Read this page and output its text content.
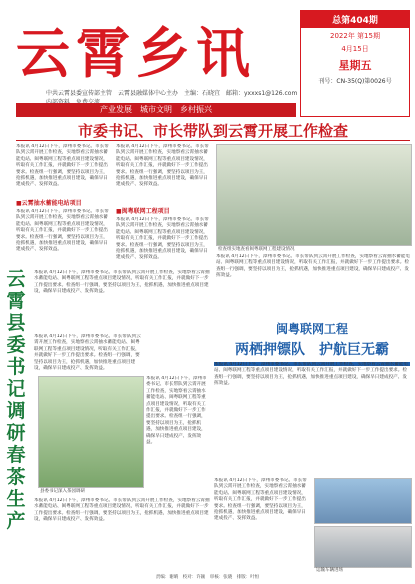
云霄乡讯
中共云霄县委宣传部主管　云霄县融媒体中心主办　主编：石晓宜　邮箱：yxxxs1@126.com
总第404期
2022年 第15期
4月15日
星期五
刊号：CN-35(Q)第0026号
产业发展　城市文明　乡村振兴
市委书记、市长带队到云霄开展工作检查
本报讯 4月12日下午，漳州市委书记、市长带队到云霄开展工作检查，实地察看云霄抽水蓄能电站、闽粤联网工程等重点项目建设情况，听取有关工作汇报，并就做好下一步工作提出要求。检查组一行强调，要坚持以项目为王，抢抓机遇，加快推进重点项目建设，确保早日建成投产、发挥效益。
■云霄抽水蓄能电站项目
本报讯 4月12日下午，漳州市委书记、市长带队到云霄开展工作检查，实地察看云霄抽水蓄能电站、闽粤联网工程等重点项目建设情况，听取有关工作汇报，并就做好下一步工作提出要求。检查组一行强调，要坚持以项目为王，抢抓机遇，加快推进重点项目建设，确保早日建成投产、发挥效益。
本报讯 4月12日下午，漳州市委书记、市长带队到云霄开展工作检查，实地察看云霄抽水蓄能电站、闽粤联网工程等重点项目建设情况，听取有关工作汇报，并就做好下一步工作提出要求。检查组一行强调，要坚持以项目为王，抢抓机遇，加快推进重点项目建设，确保早日建成投产、发挥效益。
■闽粤联网工程项目
本报讯 4月12日下午，漳州市委书记、市长带队到云霄开展工作检查，实地察看云霄抽水蓄能电站、闽粤联网工程等重点项目建设情况，听取有关工作汇报，并就做好下一步工作提出要求。检查组一行强调，要坚持以项目为王，抢抓机遇，加快推进重点项目建设，确保早日建成投产、发挥效益。
检查组实地查看闽粤联网工程建设情况
本报讯 4月12日下午，漳州市委书记、市长带队到云霄开展工作检查，实地察看云霄抽水蓄能电站、闽粤联网工程等重点项目建设情况，听取有关工作汇报，并就做好下一步工作提出要求。检查组一行强调，要坚持以项目为王，抢抓机遇，加快推进重点项目建设，确保早日建成投产、发挥效益。
云霄县委书记调研春茶生产
本报讯 4月12日下午，漳州市委书记、市长带队到云霄开展工作检查，实地察看云霄抽水蓄能电站、闽粤联网工程等重点项目建设情况，听取有关工作汇报，并就做好下一步工作提出要求。检查组一行强调，要坚持以项目为王，抢抓机遇，加快推进重点项目建设，确保早日建成投产、发挥效益。
本报讯 4月12日下午，漳州市委书记、市长带队到云霄开展工作检查，实地察看云霄抽水蓄能电站、闽粤联网工程等重点项目建设情况，听取有关工作汇报，并就做好下一步工作提出要求。检查组一行强调，要坚持以项目为王，抢抓机遇，加快推进重点项目建设，确保早日建成投产、发挥效益。
县委书记深入茶园调研
本报讯 4月12日下午，漳州市委书记、市长带队到云霄开展工作检查，实地察看云霄抽水蓄能电站、闽粤联网工程等重点项目建设情况，听取有关工作汇报，并就做好下一步工作提出要求。检查组一行强调，要坚持以项目为王，抢抓机遇，加快推进重点项目建设，确保早日建成投产、发挥效益。
本报讯 4月12日下午，漳州市委书记、市长带队到云霄开展工作检查，实地察看云霄抽水蓄能电站、闽粤联网工程等重点项目建设情况，听取有关工作汇报，并就做好下一步工作提出要求。检查组一行强调，要坚持以项目为王，抢抓机遇，加快推进重点项目建设，确保早日建成投产、发挥效益。
闽粤联网工程
两栖押镖队　护航巨无霸
本报讯 4月12日下午，漳州市委书记、市长带队到云霄开展工作检查，实地察看云霄抽水蓄能电站、闽粤联网工程等重点项目建设情况，听取有关工作汇报，并就做好下一步工作提出要求。检查组一行强调，要坚持以项目为王，抢抓机遇，加快推进重点项目建设，确保早日建成投产、发挥效益。
本报讯 4月12日下午，漳州市委书记、市长带队到云霄开展工作检查，实地察看云霄抽水蓄能电站、闽粤联网工程等重点项目建设情况，听取有关工作汇报，并就做好下一步工作提出要求。检查组一行强调，要坚持以项目为王，抢抓机遇，加快推进重点项目建设，确保早日建成投产、发挥效益。
运输车辆进场
责编：谢晴　校对：许颖　审核：张晓　排版：叶恒
